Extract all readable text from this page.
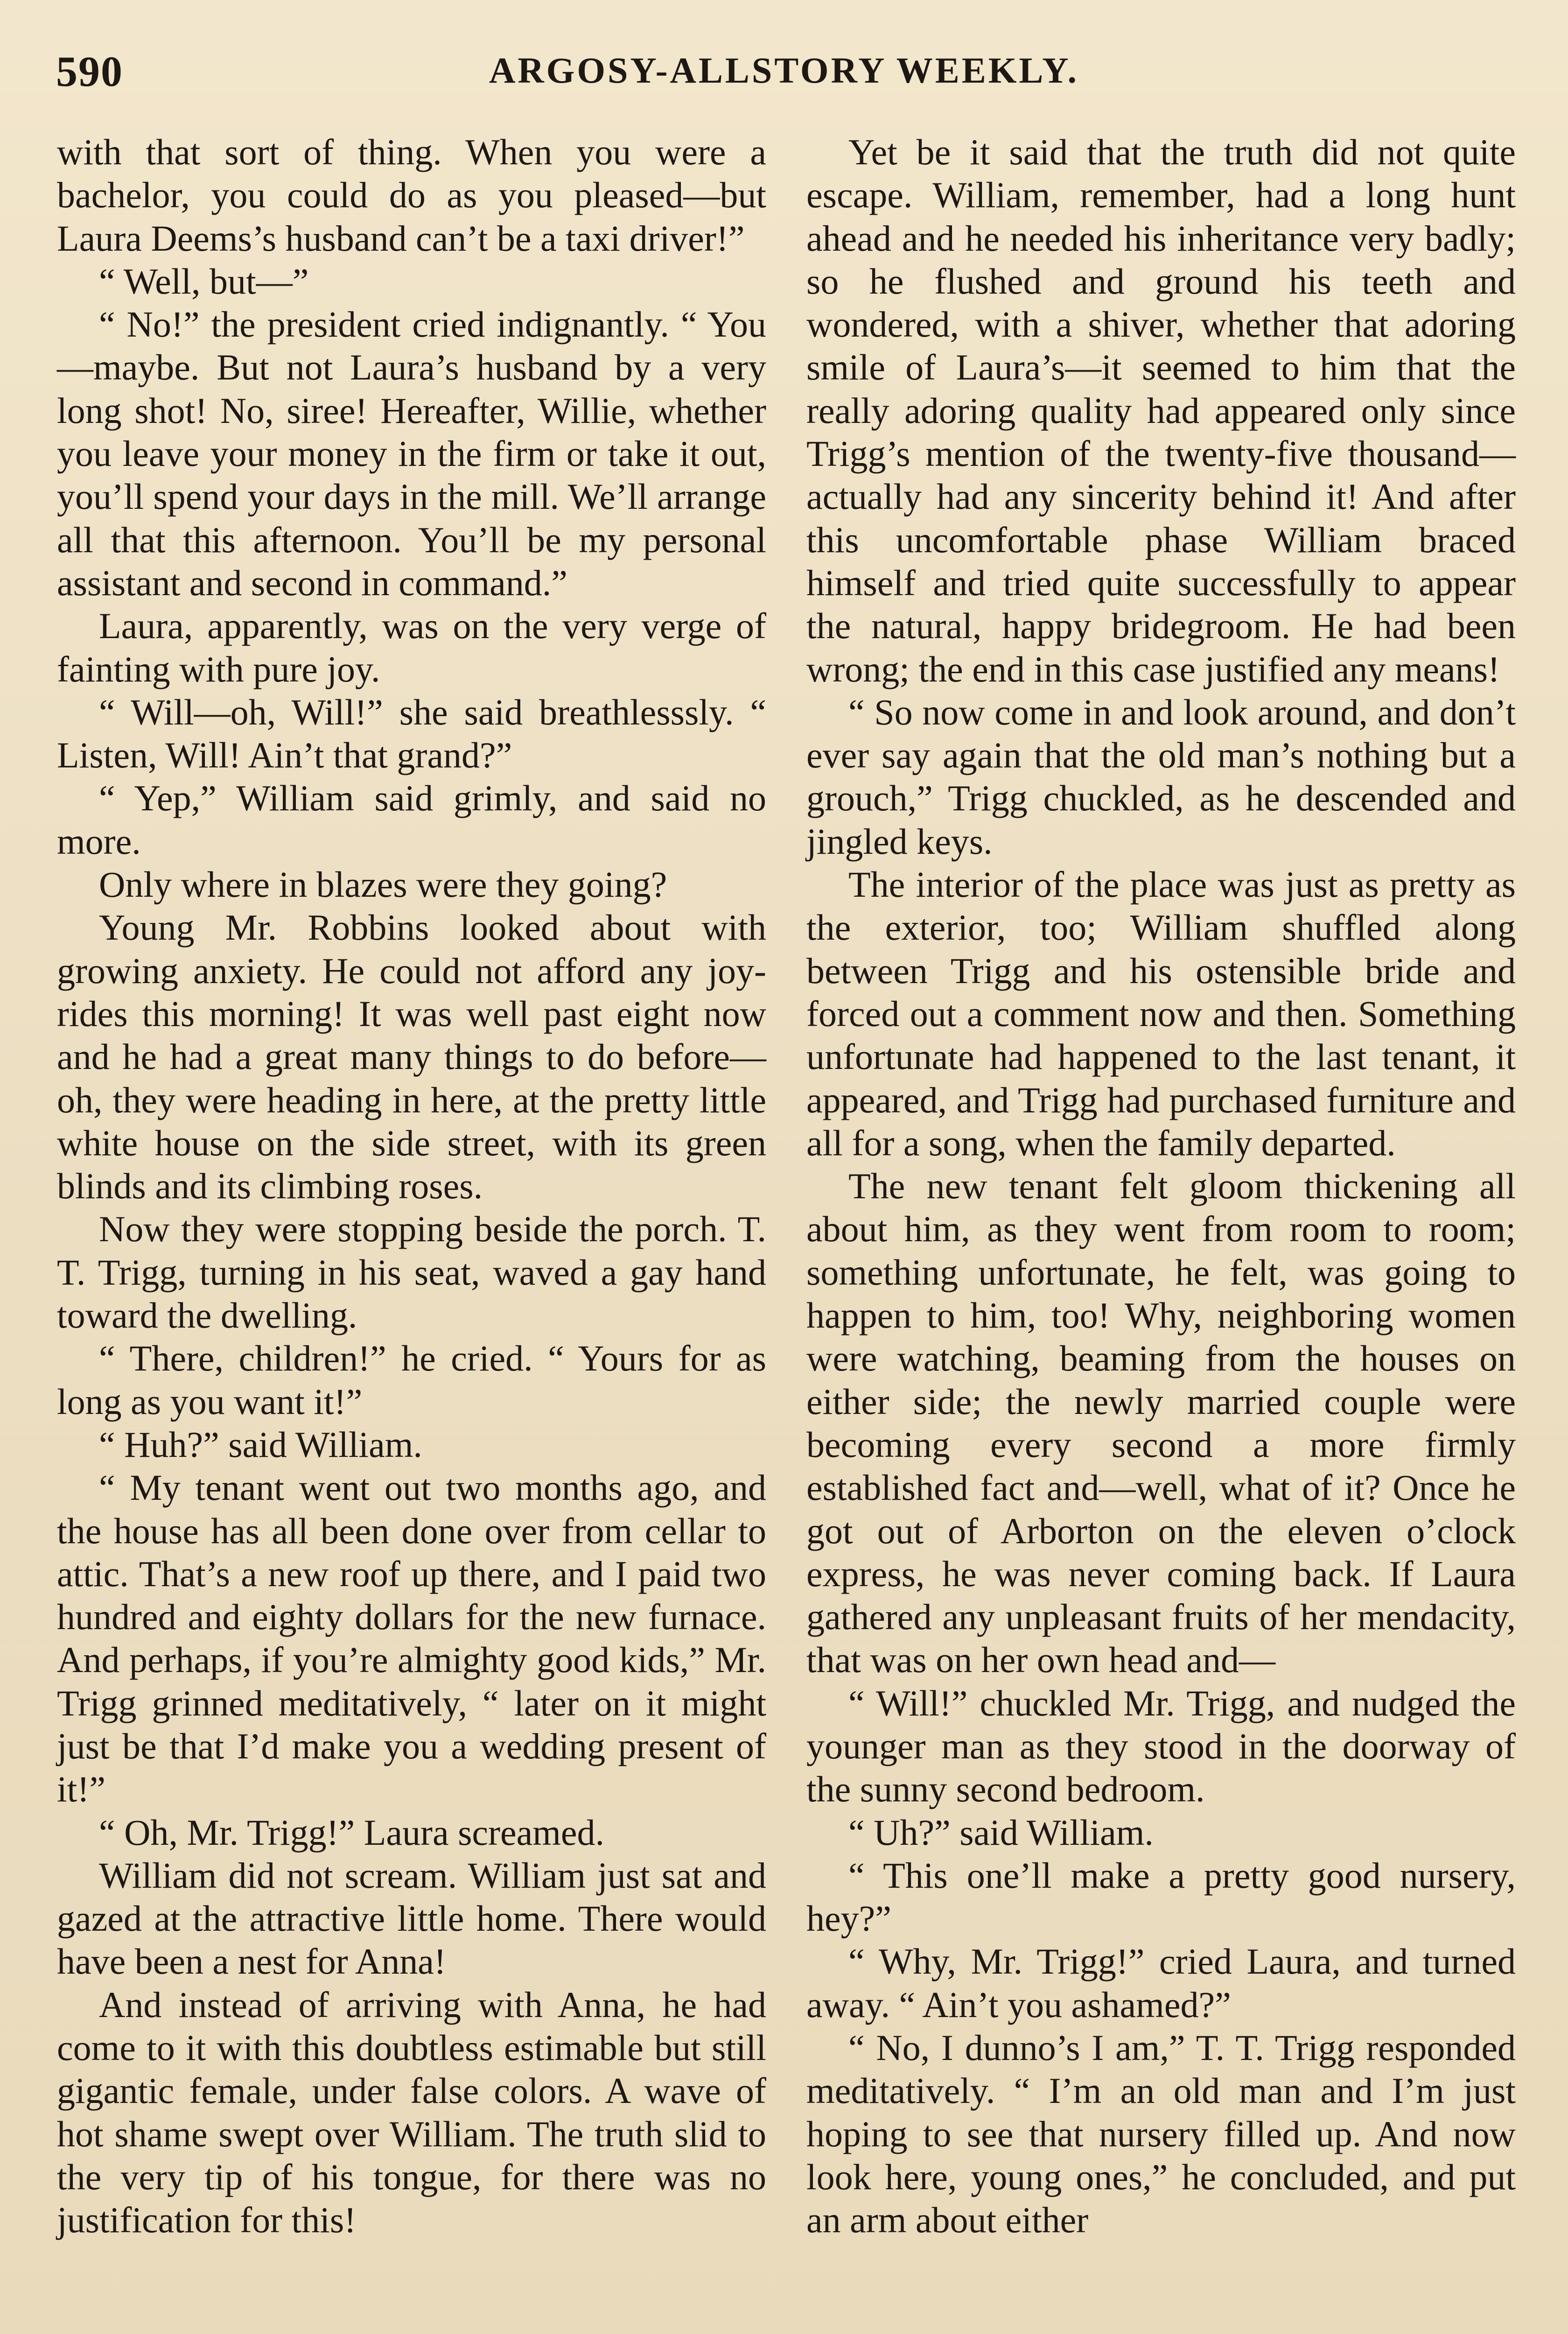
590	ARGOSY-ALLSTORY WEEKLY.

with that sort of thing. When you were a bachelor, you could do as you pleased—but Laura Deems’s husband can’t be a taxi driver!”

“ Well, but—”

“ No!” the president cried indignantly. “ You—maybe. But not Laura’s husband by a very long shot! No, siree! Hereafter, Willie, whether you leave your money in the firm or take it out, you’ll spend your days in the mill. We’ll arrange all that this afternoon. You’ll be my personal assistant and second in command.”

Laura, apparently, was on the very verge of fainting with pure joy.

“ Will—oh, Will!” she said breathlesssly. “ Listen, Will! Ain’t that grand?”

“ Yep,” William said grimly, and said no more.

Only where in blazes were they going?

Young Mr. Robbins looked about with growing anxiety. He could not afford any joy-rides this morning! It was well past eight now and he had a great many things to do before—oh, they were heading in here, at the pretty little white house on the side street, with its green blinds and its climbing roses.

Now they were stopping beside the porch. T. T. Trigg, turning in his seat, waved a gay hand toward the dwelling.

“ There, children!” he cried. “ Yours for as long as you want it!”

“ Huh?” said William.

“ My tenant went out two months ago, and the house has all been done over from cellar to attic. That’s a new roof up there, and I paid two hundred and eighty dollars for the new furnace. And perhaps, if you’re almighty good kids,” Mr. Trigg grinned meditatively, “ later on it might just be that I’d make you a wedding present of it!”

“ Oh, Mr. Trigg!” Laura screamed.

William did not scream. William just sat and gazed at the attractive little home. There would have been a nest for Anna!

And instead of arriving with Anna, he had come to it with this doubtless estimable but still gigantic female, under false colors. A wave of hot shame swept over William. The truth slid to the very tip of his tongue, for there was no justification for this!

Yet be it said that the truth did not quite escape. William, remember, had a long hunt ahead and he needed his inheritance very badly; so he flushed and ground his teeth and wondered, with a shiver, whether that adoring smile of Laura’s—it seemed to him that the really adoring quality had appeared only since Trigg’s mention of the twenty-five thousand—actually had any sincerity behind it! And after this uncomfortable phase William braced himself and tried quite successfully to appear the natural, happy bridegroom. He had been wrong; the end in this case justified any means!

“ So now come in and look around, and don’t ever say again that the old man’s nothing but a grouch,” Trigg chuckled, as he descended and jingled keys.

The interior of the place was just as pretty as the exterior, too; William shuffled along between Trigg and his ostensible bride and forced out a comment now and then. Something unfortunate had happened to the last tenant, it appeared, and Trigg had purchased furniture and all for a song, when the family departed.

The new tenant felt gloom thickening all about him, as they went from room to room; something unfortunate, he felt, was going to happen to him, too! Why, neighboring women were watching, beaming from the houses on either side; the newly married couple were becoming every second a more firmly established fact and—well, what of it? Once he got out of Arborton on the eleven o’clock express, he was never coming back. If Laura gathered any unpleasant fruits of her mendacity, that was on her own head and—

“ Will!” chuckled Mr. Trigg, and nudged the younger man as they stood in the doorway of the sunny second bedroom.

“ Uh?” said William.

“ This one’ll make a pretty good nursery, hey?”

“ Why, Mr. Trigg!” cried Laura, and turned away. “ Ain’t you ashamed?”

“ No, I dunno’s I am,” T. T. Trigg responded meditatively. “ I’m an old man and I’m just hoping to see that nursery filled up. And now look here, young ones,” he concluded, and put an arm about either
